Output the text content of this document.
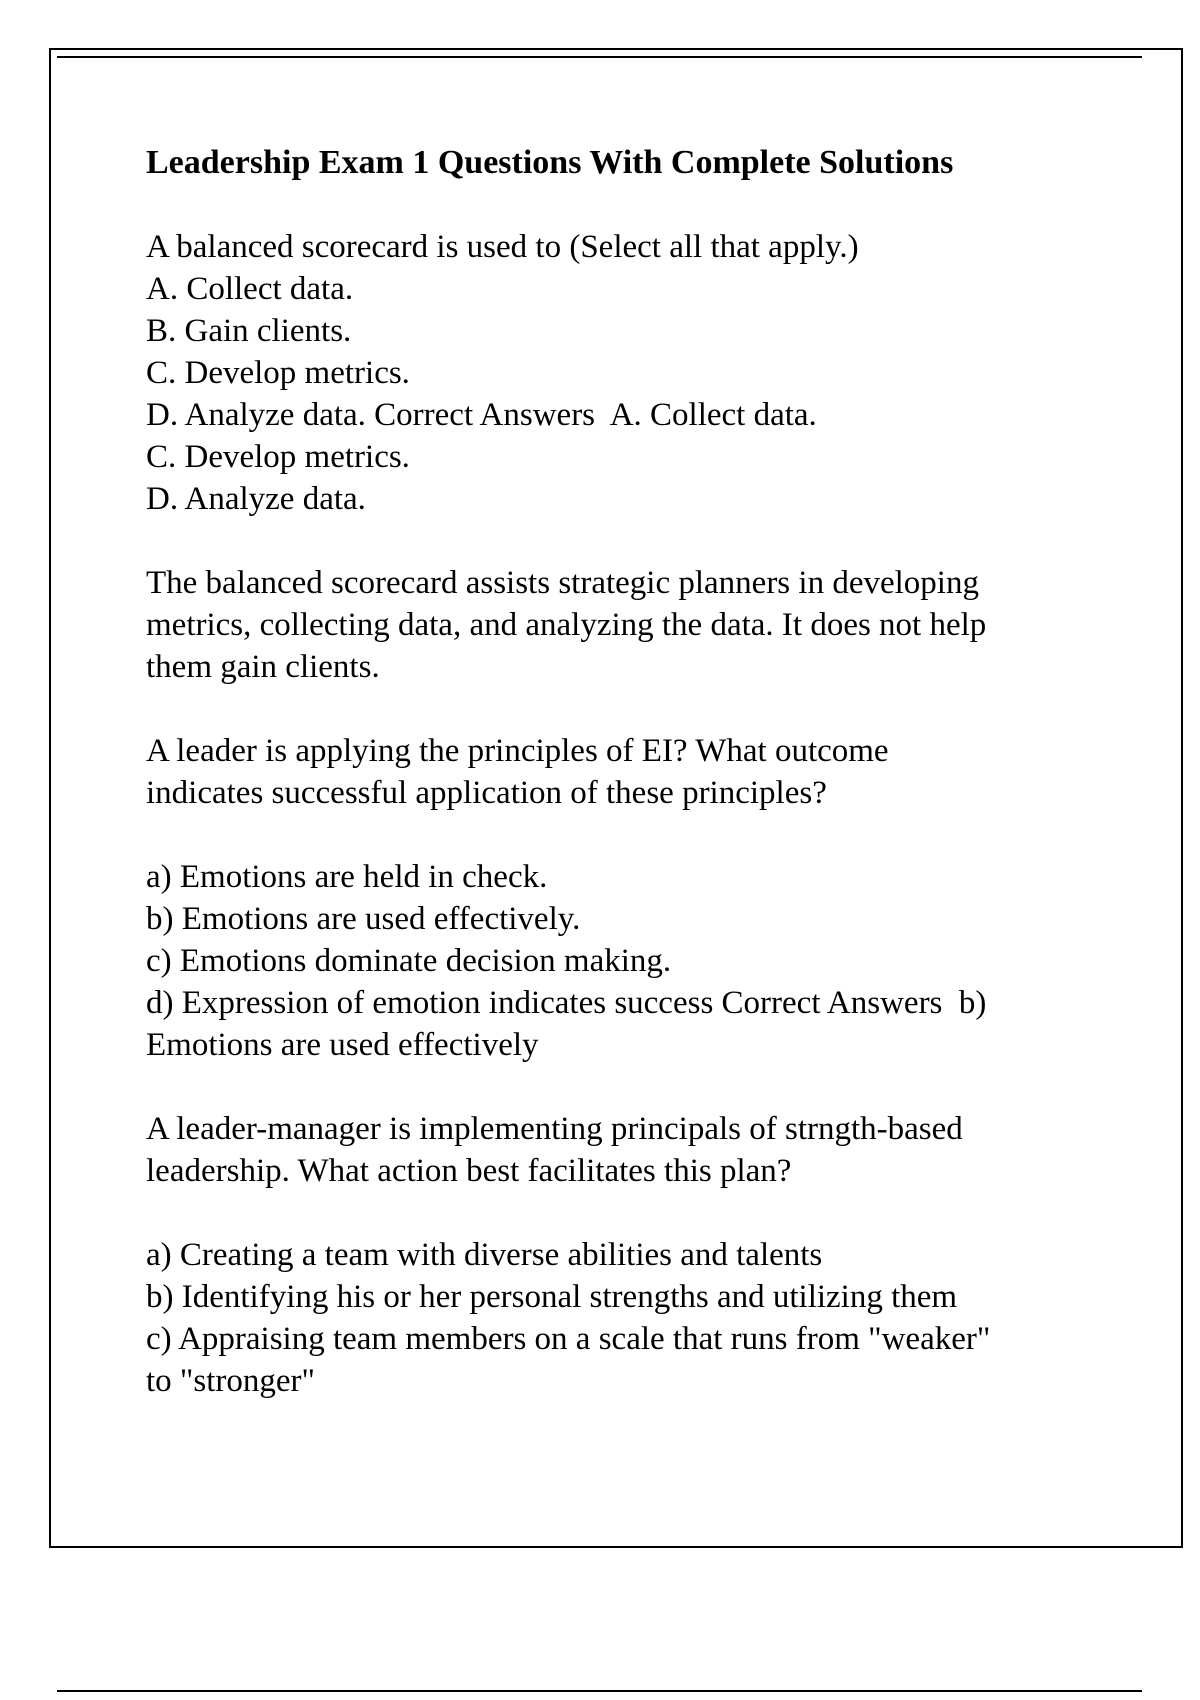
Leadership Exam 1 Questions With Complete Solutions
A balanced scorecard is used to (Select all that apply.)
A. Collect data.
B. Gain clients.
C. Develop metrics.
D. Analyze data. Correct Answers  A. Collect data.
C. Develop metrics.
D. Analyze data.
The balanced scorecard assists strategic planners in developing
metrics, collecting data, and analyzing the data. It does not help
them gain clients.
A leader is applying the principles of EI? What outcome
indicates successful application of these principles?
a) Emotions are held in check.
b) Emotions are used effectively.
c) Emotions dominate decision making.
d) Expression of emotion indicates success Correct Answers  b)
Emotions are used effectively
A leader-manager is implementing principals of strngth-based
leadership. What action best facilitates this plan?
a) Creating a team with diverse abilities and talents
b) Identifying his or her personal strengths and utilizing them
c) Appraising team members on a scale that runs from "weaker"
to "stronger"
